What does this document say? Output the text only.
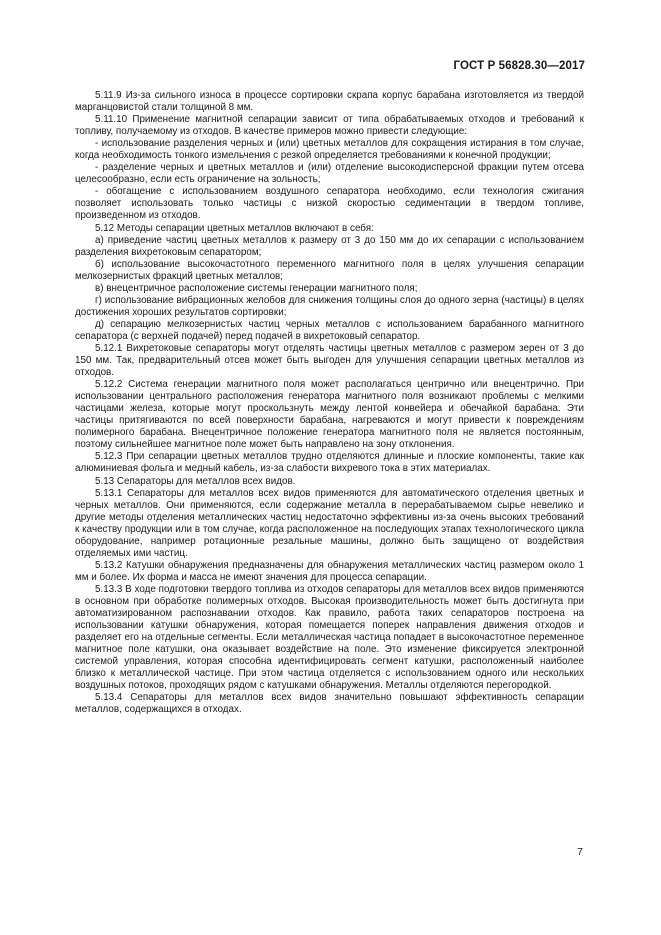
ГОСТ Р 56828.30—2017

5.11.9 Из-за сильного износа в процессе сортировки скрапа корпус барабана изготовляется из твердой марганцовистой стали толщиной 8 мм.

5.11.10 Применение магнитной сепарации зависит от типа обрабатываемых отходов и требований к топливу, получаемому из отходов. В качестве примеров можно привести следующие:

- использование разделения черных и (или) цветных металлов для сокращения истирания в том случае, когда необходимость тонкого измельчения с резкой определяется требованиями к конечной продукции;

- разделение черных и цветных металлов и (или) отделение высокодисперсной фракции путем отсева целесообразно, если есть ограничение на зольность;

- обогащение с использованием воздушного сепаратора необходимо, если технология сжигания позволяет использовать только частицы с низкой скоростью седиментации в твердом топливе, произведенном из отходов.

5.12 Методы сепарации цветных металлов включают в себя:

а) приведение частиц цветных металлов к размеру от 3 до 150 мм до их сепарации с использованием разделения вихретоковым сепаратором;

б) использование высокочастотного переменного магнитного поля в целях улучшения сепарации мелкозернистых фракций цветных металлов;

в) внецентричное расположение системы генерации магнитного поля;

г) использование вибрационных желобов для снижения толщины слоя до одного зерна (частицы) в целях достижения хороших результатов сортировки;

д) сепарацию мелкозернистых частиц черных металлов с использованием барабанного магнитного сепаратора (с верхней подачей) перед подачей в вихретоковый сепаратор.

5.12.1 Вихретоковые сепараторы могут отделять частицы цветных металлов с размером зерен от 3 до 150 мм. Так, предварительный отсев может быть выгоден для улучшения сепарации цветных металлов из отходов.

5.12.2 Система генерации магнитного поля может располагаться центрично или внецентрично. При использовании центрального расположения генератора магнитного поля возникают проблемы с мелкими частицами железа, которые могут проскользнуть между лентой конвейера и обечайкой барабана. Эти частицы притягиваются по всей поверхности барабана, нагреваются и могут привести к повреждениям полимерного барабана. Внецентричное положение генератора магнитного поля не является постоянным, поэтому сильнейшее магнитное поле может быть направлено на зону отклонения.

5.12.3 При сепарации цветных металлов трудно отделяются длинные и плоские компоненты, такие как алюминиевая фольга и медный кабель, из-за слабости вихревого тока в этих материалах.

5.13 Сепараторы для металлов всех видов.

5.13.1 Сепараторы для металлов всех видов применяются для автоматического отделения цветных и черных металлов. Они применяются, если содержание металла в перерабатываемом сырье невелико и другие методы отделения металлических частиц недостаточно эффективны из-за очень высоких требований к качеству продукции или в том случае, когда расположенное на последующих этапах технологического цикла оборудование, например ротационные резальные машины, должно быть защищено от воздействия отделяемых ими частиц.

5.13.2 Катушки обнаружения предназначены для обнаружения металлических частиц размером около 1 мм и более. Их форма и масса не имеют значения для процесса сепарации.

5.13.3 В ходе подготовки твердого топлива из отходов сепараторы для металлов всех видов применяются в основном при обработке полимерных отходов. Высокая производительность может быть достигнута при автоматизированном распознавании отходов. Как правило, работа таких сепараторов построена на использовании катушки обнаружения, которая помещается поперек направления движения отходов и разделяет его на отдельные сегменты. Если металлическая частица попадает в высокочастотное переменное магнитное поле катушки, она оказывает воздействие на поле. Это изменение фиксируется электронной системой управления, которая способна идентифицировать сегмент катушки, расположенный наиболее близко к металлической частице. При этом частица отделяется с использованием одного или нескольких воздушных потоков, проходящих рядом с катушками обнаружения. Металлы отделяются перегородкой.

5.13.4 Сепараторы для металлов всех видов значительно повышают эффективность сепарации металлов, содержащихся в отходах.

7
